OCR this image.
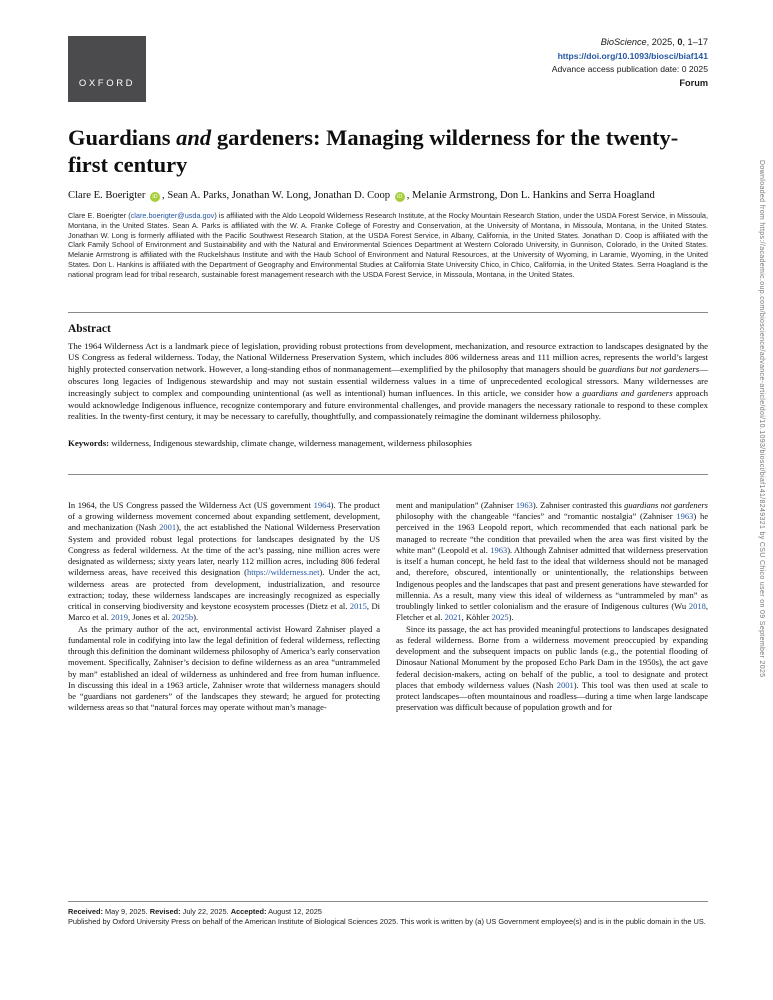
OXFORD
BioScience, 2025, 0, 1–17
https://doi.org/10.1093/biosci/biaf141
Advance access publication date: 0 2025
Forum
Guardians and gardeners: Managing wilderness for the twenty-first century
Clare E. Boerigter iD , Sean A. Parks, Jonathan W. Long, Jonathan D. Coop iD , Melanie Armstrong, Don L. Hankins and Serra Hoagland

Clare E. Boerigter (clare.boerigter@usda.gov) is affiliated with the Aldo Leopold Wilderness Research Institute, at the Rocky Mountain Research Station, under the USDA Forest Service, in Missoula, Montana, in the United States. Sean A. Parks is affiliated with the W. A. Franke College of Forestry and Conservation, at the University of Montana, in Missoula, Montana, in the United States. Jonathan W. Long is formerly affiliated with the Pacific Southwest Research Station, at the USDA Forest Service, in Albany, California, in the United States. Jonathan D. Coop is affiliated with the Clark Family School of Environment and Sustainability and with the Natural and Environmental Sciences Department at Western Colorado University, in Gunnison, Colorado, in the United States. Melanie Armstrong is affiliated with the Ruckelshaus Institute and with the Haub School of Environment and Natural Resources, at the University of Wyoming, in Laramie, Wyoming, in the United States. Don L. Hankins is affiliated with the Department of Geography and Environmental Studies at California State University Chico, in Chico, California, in the United States. Serra Hoagland is the national program lead for tribal research, sustainable forest management research with the USDA Forest Service, in Missoula, Montana, in the United States.

Abstract

The 1964 Wilderness Act is a landmark piece of legislation, providing robust protections from development, mechanization, and resource extraction to landscapes designated by the US Congress as federal wilderness. Today, the National Wilderness Preservation System, which includes 806 wilderness areas and 111 million acres, represents the world’s largest highly protected conservation network. However, a long-standing ethos of nonmanagement—exemplified by the philosophy that managers should be guardians but not gardeners—obscures long legacies of Indigenous stewardship and may not sustain essential wilderness values in a time of unprecedented ecological stressors. Many wildernesses are increasingly subject to complex and compounding unintentional (as well as intentional) human influences. In this article, we consider how a guardians and gardeners approach would acknowledge Indigenous influence, recognize contemporary and future environmental challenges, and provide managers the necessary rationale to respond to these complex realities. In the twenty-first century, it may be necessary to carefully, thoughtfully, and compassionately reimagine the dominant wilderness philosophy.

Keywords: wilderness, Indigenous stewardship, climate change, wilderness management, wilderness philosophies

In 1964, the US Congress passed the Wilderness Act (US government 1964). The product of a growing wilderness movement concerned about expanding settlement, development, and mechanization (Nash 2001), the act established the National Wilderness Preservation System and provided robust legal protections for landscapes designated by the US Congress as federal wilderness. At the time of the act’s passing, nine million acres were designated as wilderness; sixty years later, nearly 112 million acres, including 806 federal wilderness areas, have received this designation (https://wilderness.net). Under the act, wilderness areas are protected from development, industrialization, and resource extraction; today, these wilderness landscapes are increasingly recognized as especially critical in conserving biodiversity and keystone ecosystem processes (Dietz et al. 2015, Di Marco et al. 2019, Jones et al. 2025b).

As the primary author of the act, environmental activist Howard Zahniser played a fundamental role in codifying into law the legal definition of federal wilderness, reflecting through this definition the dominant wilderness philosophy of America’s early conservation movement. Specifically, Zahniser’s decision to define wilderness as an area “untrammeled by man” established an ideal of wilderness as unhindered and free from human influence. In discussing this ideal in a 1963 article, Zahniser wrote that wilderness managers should be “guardians not gardeners” of the landscapes they steward; he argued for protecting wilderness areas so that “natural forces may operate without man’s manage-

ment and manipulation” (Zahniser 1963). Zahniser contrasted this guardians not gardeners philosophy with the changeable “fancies” and “romantic nostalgia” (Zahniser 1963) he perceived in the 1963 Leopold report, which recommended that each national park be managed to recreate “the condition that prevailed when the area was first visited by the white man” (Leopold et al. 1963). Although Zahniser admitted that wilderness preservation is itself a human concept, he held fast to the ideal that wilderness should not be managed and, therefore, obscured, intentionally or unintentionally, the relationships between Indigenous peoples and the landscapes that past and present generations have stewarded for millennia. As a result, many view this ideal of wilderness as “untrammeled by man” as troublingly linked to settler colonialism and the erasure of Indigenous cultures (Wu 2018, Fletcher et al. 2021, Köhler 2025).

Since its passage, the act has provided meaningful protections to landscapes designated as federal wilderness. Borne from a wilderness movement preoccupied by expanding development and the subsequent impacts on public lands (e.g., the potential flooding of Dinosaur National Monument by the proposed Echo Park Dam in the 1950s), the act gave federal decision-makers, acting on behalf of the public, a tool to designate and protect places that embody wilderness values (Nash 2001). This tool was then used at scale to protect landscapes—often mountainous and roadless—during a time when large landscape preservation was difficult because of population growth and for

Received: May 9, 2025. Revised: July 22, 2025. Accepted: August 12, 2025

Published by Oxford University Press on behalf of the American Institute of Biological Sciences 2025. This work is written by (a) US Government employee(s) and is in the public domain in the US.

Downloaded from https://academic.oup.com/bioscience/advance-article/doi/10.1093/biosci/biaf141/8249321 by CSU Chico user on 09 September 2025
